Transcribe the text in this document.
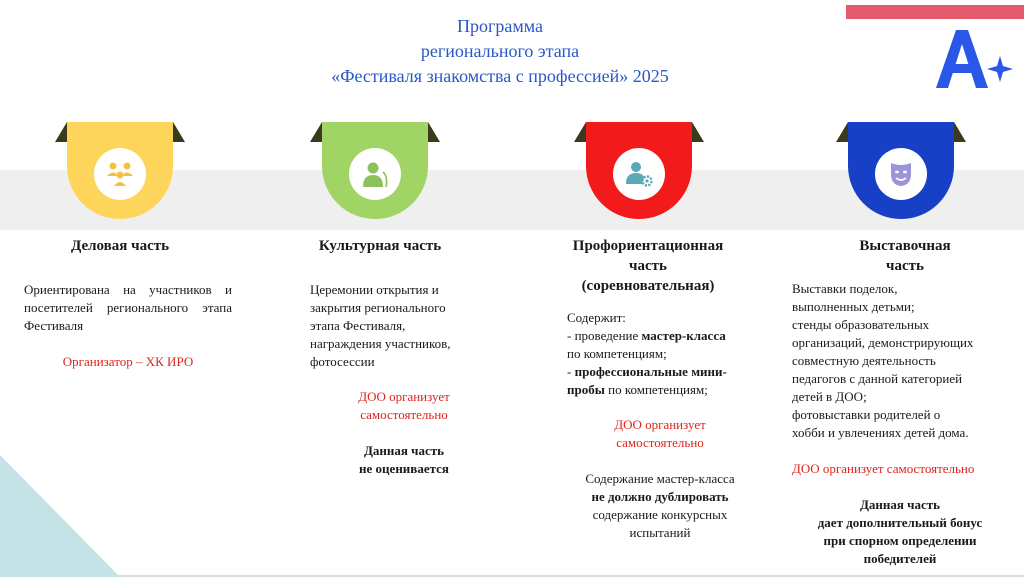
Программа
регионального этапа
«Фестиваля знакомства с профессией» 2025
Деловая часть
Ориентирована на участников и посетителей регионального этапа Фестиваля
Организатор – ХК ИРО
Культурная часть
Церемонии открытия и
закрытия регионального
этапа Фестиваля,
награждения участников,
фотосессии
ДОО организует
самостоятельно
Данная часть
не оценивается
Профориентационная
часть
(соревновательная)
Содержит:
- проведение мастер-класса
по компетенциям;
- профессиональные мини-
пробы по компетенциям;
ДОО организует
самостоятельно
Содержание мастер-класса
не должно дублировать
содержание конкурсных
испытаний
Выставочная
часть
Выставки поделок,
выполненных детьми;
стенды образовательных
организаций, демонстрирующих
совместную деятельность
педагогов с данной категорией
детей в ДОО;
фотовыставки родителей о
хобби и увлечениях детей дома.
ДОО организует самостоятельно
Данная часть
дает дополнительный бонус
при спорном определении
победителей
